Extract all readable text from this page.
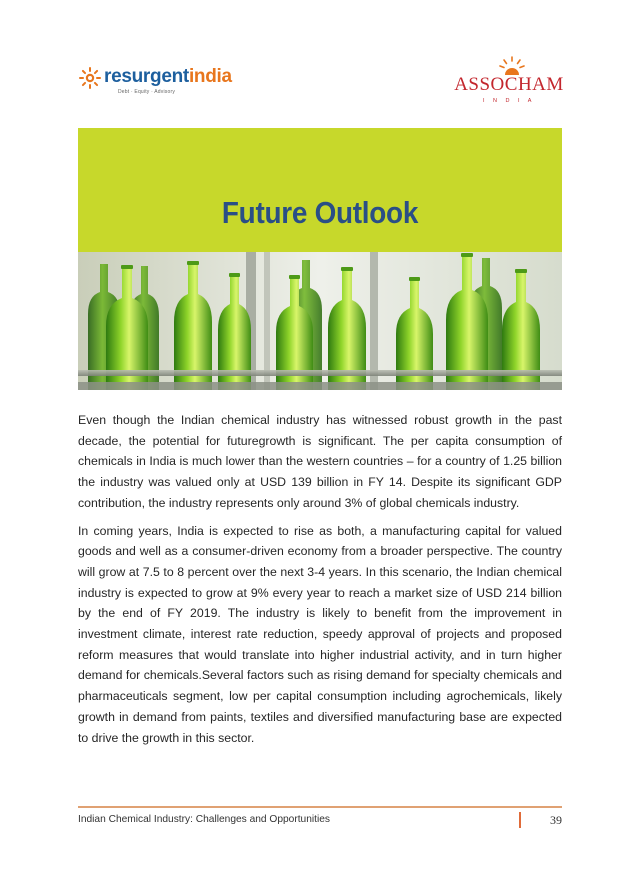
resurgentindia
Debt · Equity · Advisory	ASSOCHAM
I N D I A
Future Outlook

Even though the Indian chemical industry has witnessed robust growth in the past decade, the potential for futuregrowth is significant. The per capita consumption of chemicals in India is much lower than the western countries – for a country of 1.25 billion the industry was valued only at USD 139 billion in FY 14. Despite its significant GDP contribution, the industry represents only around 3% of global chemicals industry.

In coming years, India is expected to rise as both, a manufacturing capital for valued goods and well as a consumer-driven economy from a broader perspective. The country will grow at 7.5 to 8 percent over the next 3-4 years. In this scenario, the Indian chemical industry is expected to grow at 9% every year to reach a market size of USD 214 billion by the end of FY 2019. The industry is likely to benefit from the improvement in investment climate, interest rate reduction, speedy approval of projects and proposed reform measures that would translate into higher industrial activity, and in turn higher demand for chemicals.Several factors such as rising demand for specialty chemicals and pharmaceuticals segment, low per capital consumption including agrochemicals, likely growth in demand from paints, textiles and diversified manufacturing base are expected to drive the growth in this sector.

Indian Chemical Industry: Challenges and Opportunities	39
